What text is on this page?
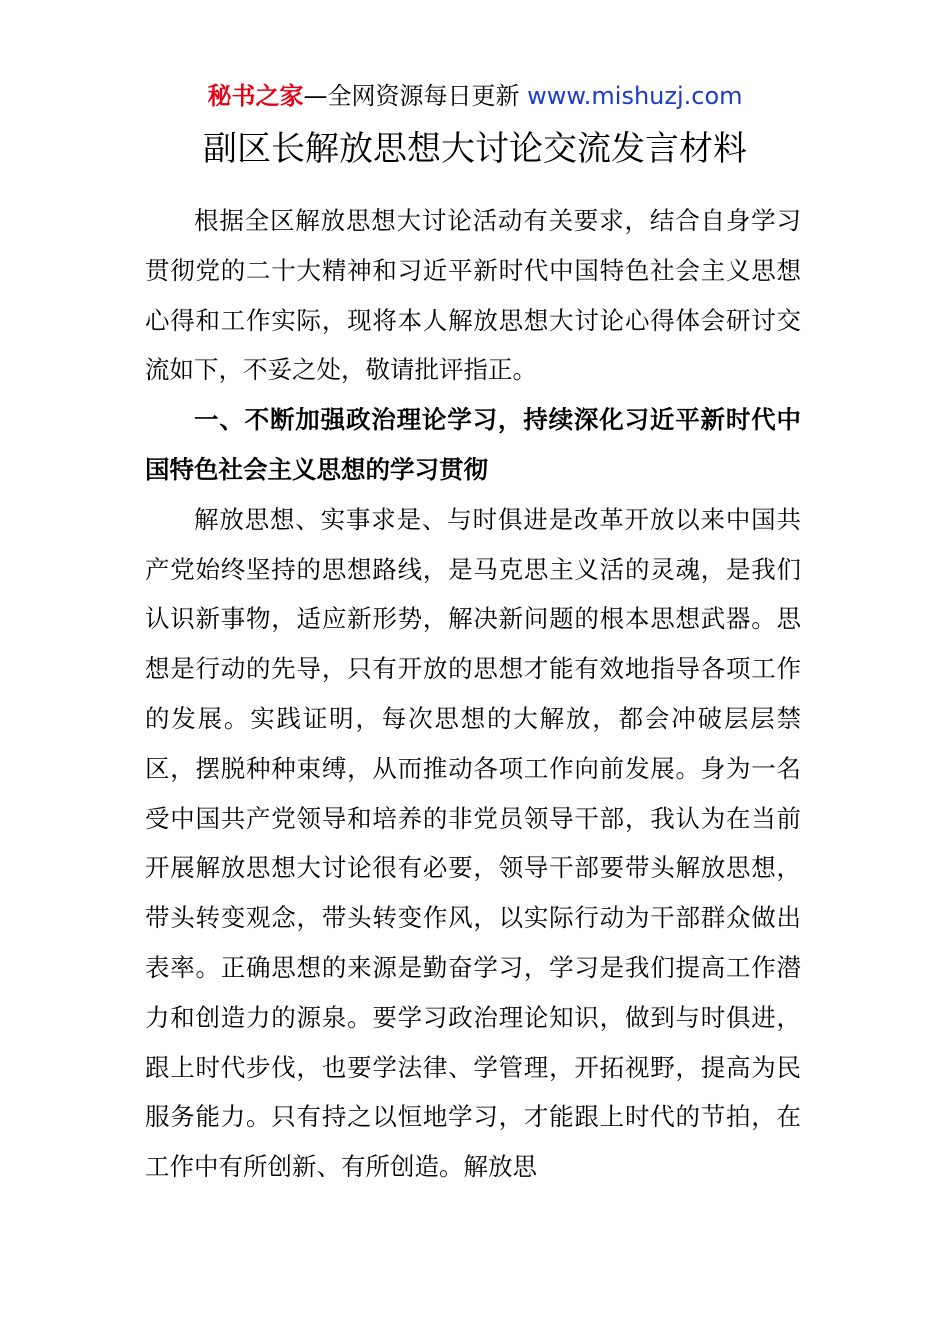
秘书之家—全网资源每日更新 www.mishuzj.com
副区长解放思想大讨论交流发言材料

根据全区解放思想大讨论活动有关要求，结合自身学习贯彻党的二十大精神和习近平新时代中国特色社会主义思想心得和工作实际，现将本人解放思想大讨论心得体会研讨交流如下，不妥之处，敬请批评指正。

一、不断加强政治理论学习，持续深化习近平新时代中国特色社会主义思想的学习贯彻

解放思想、实事求是、与时俱进是改革开放以来中国共产党始终坚持的思想路线，是马克思主义活的灵魂，是我们认识新事物，适应新形势，解决新问题的根本思想武器。思想是行动的先导，只有开放的思想才能有效地指导各项工作的发展。实践证明，每次思想的大解放，都会冲破层层禁区，摆脱种种束缚，从而推动各项工作向前发展。身为一名受中国共产党领导和培养的非党员领导干部，我认为在当前开展解放思想大讨论很有必要，领导干部要带头解放思想，带头转变观念，带头转变作风，以实际行动为干部群众做出表率。正确思想的来源是勤奋学习，学习是我们提高工作潜力和创造力的源泉。要学习政治理论知识，做到与时俱进，跟上时代步伐，也要学法律、学管理，开拓视野，提高为民服务能力。只有持之以恒地学习，才能跟上时代的节拍，在工作中有所创新、有所创造。解放思
